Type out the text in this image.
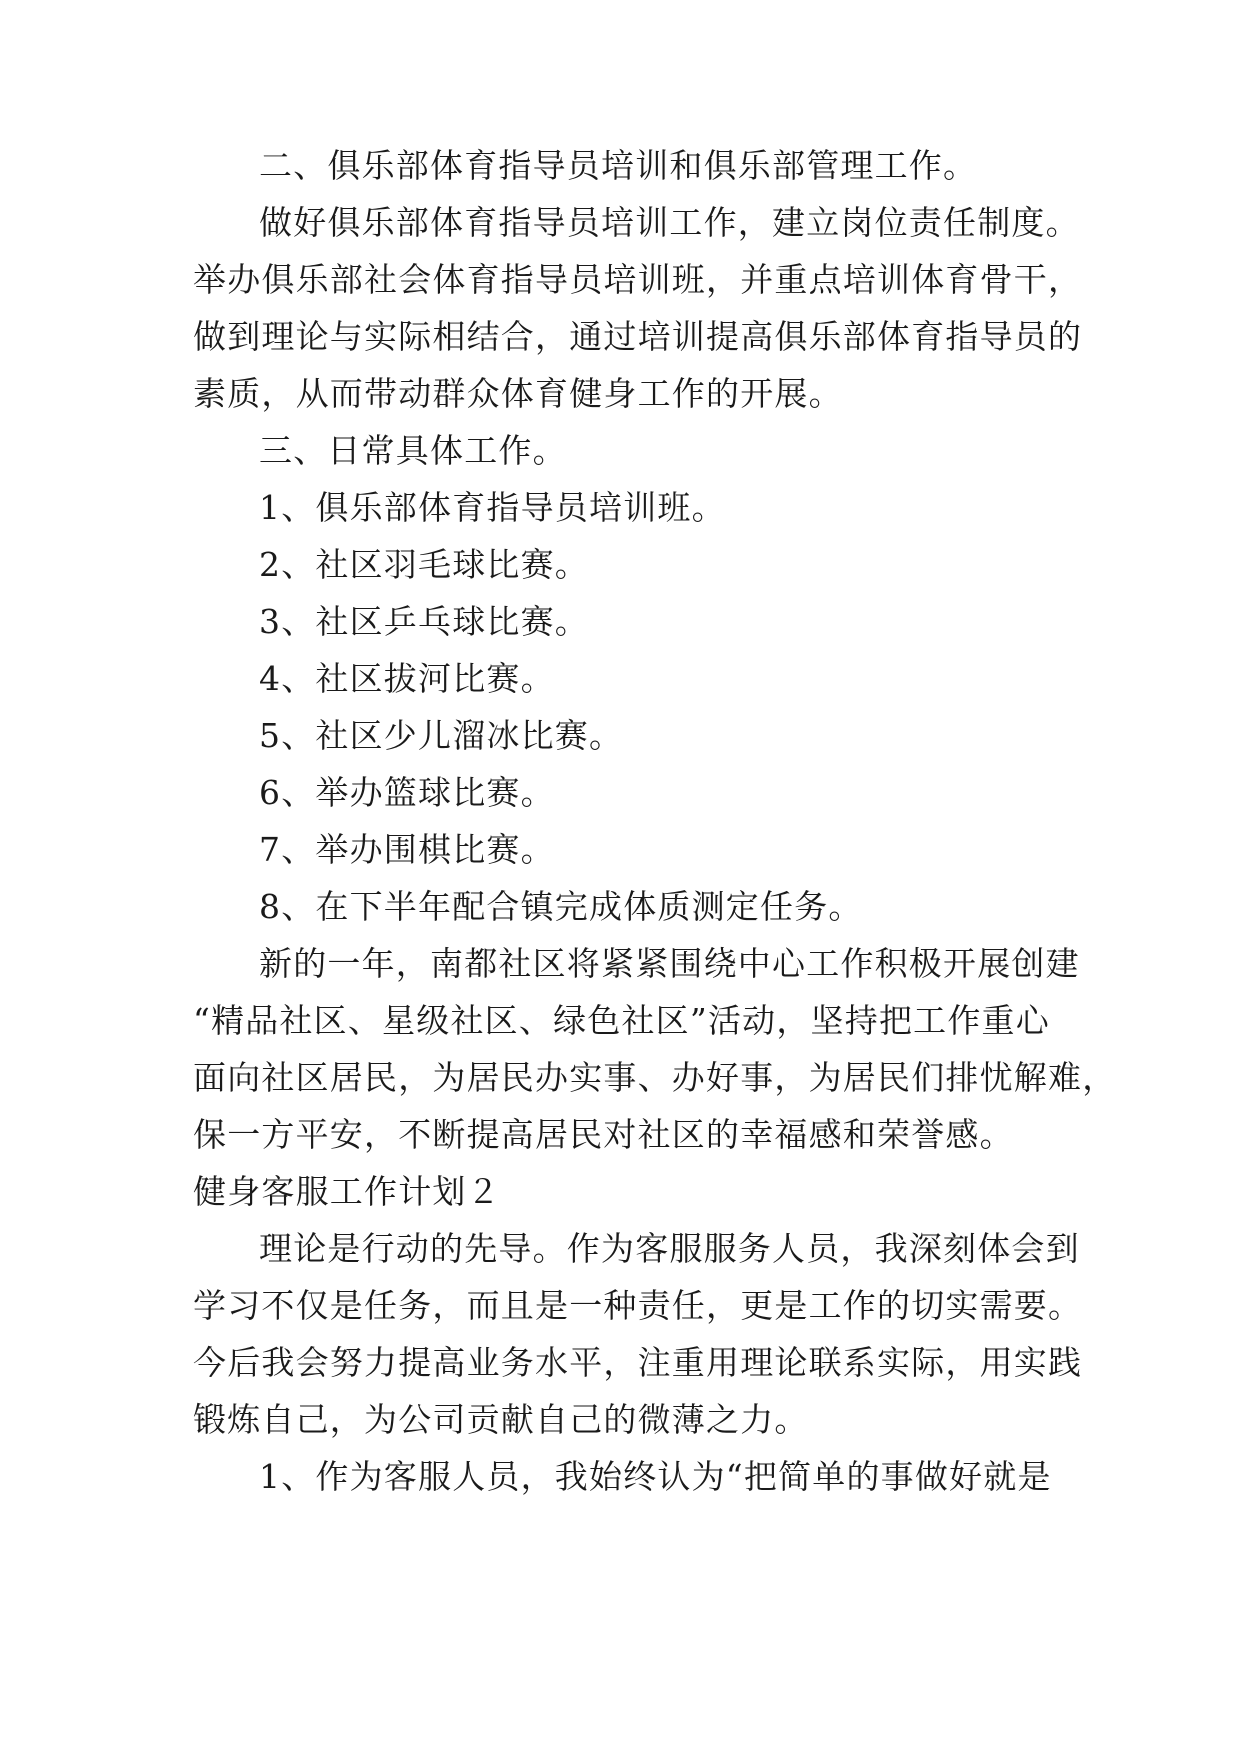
二、俱乐部体育指导员培训和俱乐部管理工作。
做好俱乐部体育指导员培训工作，建立岗位责任制度。
举办俱乐部社会体育指导员培训班，并重点培训体育骨干，
做到理论与实际相结合，通过培训提高俱乐部体育指导员的
素质，从而带动群众体育健身工作的开展。
三、日常具体工作。
1、俱乐部体育指导员培训班。
2、社区羽毛球比赛。
3、社区乒乓球比赛。
4、社区拔河比赛。
5、社区少儿溜冰比赛。
6、举办篮球比赛。
7、举办围棋比赛。
8、在下半年配合镇完成体质测定任务。
新的一年，南都社区将紧紧围绕中心工作积极开展创建
“精品社区、星级社区、绿色社区”活动，坚持把工作重心
面向社区居民，为居民办实事、办好事，为居民们排忧解难，
保一方平安，不断提高居民对社区的幸福感和荣誉感。
健身客服工作计划２
理论是行动的先导。作为客服服务人员，我深刻体会到
学习不仅是任务，而且是一种责任，更是工作的切实需要。
今后我会努力提高业务水平，注重用理论联系实际，用实践
锻炼自己，为公司贡献自己的微薄之力。
1、作为客服人员，我始终认为“把简单的事做好就是
